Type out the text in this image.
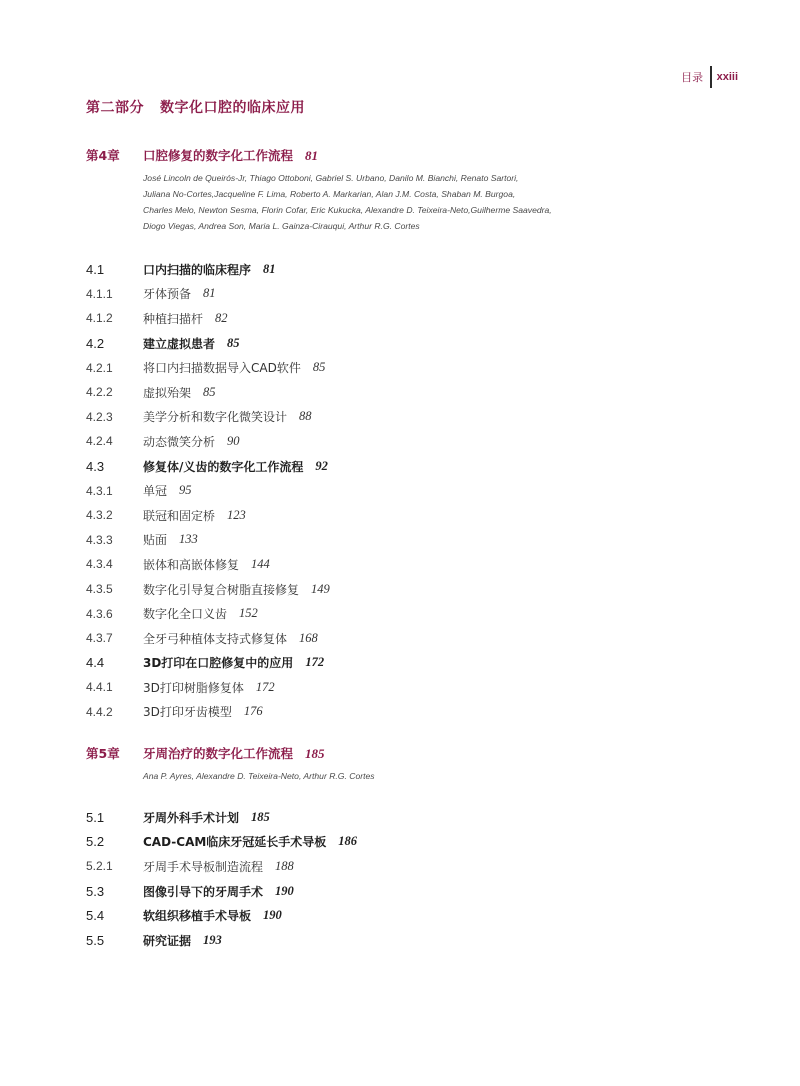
目录 xxiii
第二部分 数字化口腔的临床应用
第4章	口腔修复的数字化工作流程 81
José Lincoln de Queirós-Jr, Thiago Ottoboni, Gabriel S. Urbano, Danilo M. Bianchi, Renato Sartori,
Juliana No-Cortes,Jacqueline F. Lima, Roberto A. Markarian, Alan J.M. Costa, Shaban M. Burgoa,
Charles Melo, Newton Sesma, Florin Cofar, Eric Kukucka, Alexandre D. Teixeira-Neto,Guilherme Saavedra,
Diogo Viegas, Andrea Son, Maria L. Gainza-Cirauqui, Arthur R.G. Cortes
4.1	口内扫描的临床程序 81
4.1.1	牙体预备 81
4.1.2	种植扫描杆 82
4.2	建立虚拟患者 85
4.2.1	将口内扫描数据导入CAD软件 85
4.2.2	虚拟殆架 85
4.2.3	美学分析和数字化微笑设计 88
4.2.4	动态微笑分析 90
4.3	修复体/义齿的数字化工作流程 92
4.3.1	单冠 95
4.3.2	联冠和固定桥 123
4.3.3	贴面 133
4.3.4	嵌体和高嵌体修复 144
4.3.5	数字化引导复合树脂直接修复 149
4.3.6	数字化全口义齿 152
4.3.7	全牙弓种植体支持式修复体 168
4.4	3D打印在口腔修复中的应用 172
4.4.1	3D打印树脂修复体 172
4.4.2	3D打印牙齿模型 176
第5章	牙周治疗的数字化工作流程 185
Ana P. Ayres, Alexandre D. Teixeira-Neto, Arthur R.G. Cortes
5.1	牙周外科手术计划 185
5.2	CAD-CAM临床牙冠延长手术导板 186
5.2.1	牙周手术导板制造流程 188
5.3	图像引导下的牙周手术 190
5.4	软组织移植手术导板 190
5.5	研究证据 193
